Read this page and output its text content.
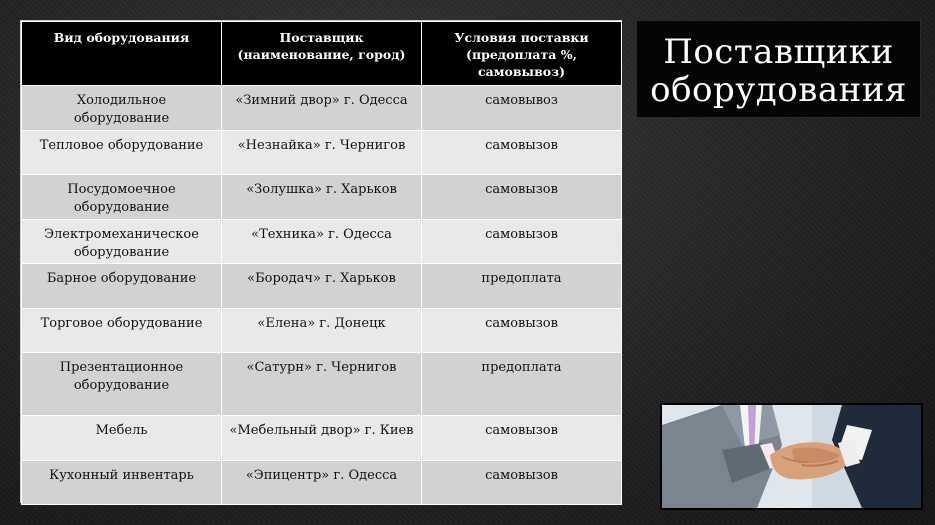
Вид оборудования	Поставщик (наименование, город)	Условия поставки (предоплата %, самовывоз)
Холодильное оборудование	«Зимний двор» г. Одесса	самовывоз
Тепловое оборудование	«Незнайка» г. Чернигов	самовызов
Посудомоечное оборудование	«Золушка» г. Харьков	самовызов
Электромеханическое оборудование	«Техника» г. Одесса	самовызов
Барное оборудование	«Бородач» г. Харьков	предоплата
Торговое оборудование	«Елена» г. Донецк	самовызов
Презентационное оборудование	«Сатурн» г. Чернигов	предоплата
Мебель	«Мебельный двор» г. Киев	самовызов
Кухонный инвентарь	«Эпицентр» г. Одесса	самовызов
Поставщики
оборудования
